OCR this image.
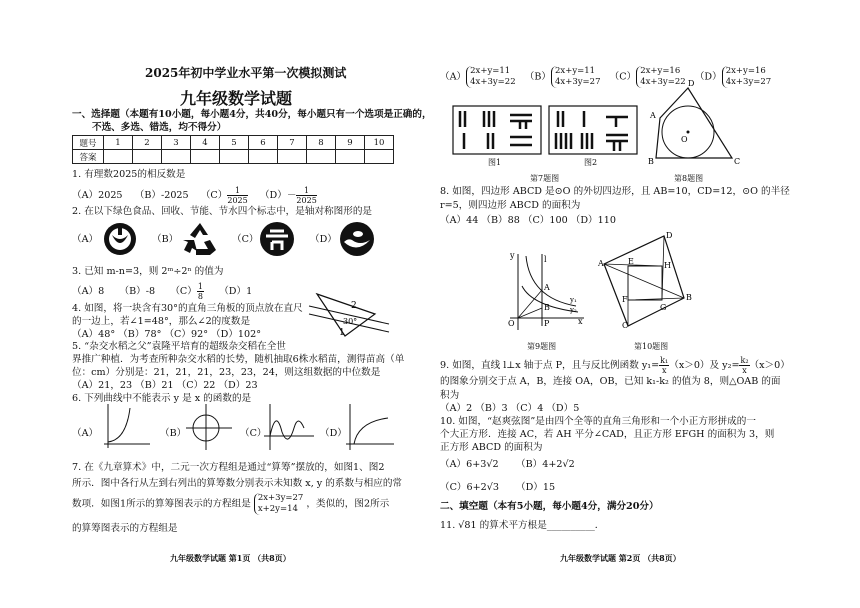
2025年初中学业水平第一次模拟测试
九年级数学试题
一、选择题（本题有10小题，每小题4分，共40分，每小题只有一个选项是正确的，
不选、多选、错选，均不得分）
题号	1	2	3	4	5	6	7	8	9	10
答案										
1. 有理数2025的相反数是
（A）2025 （B）-2025 $(C) \frac{1}{2025} (D)- \frac{1}{2025}$
2. 在以下绿色食品、回收、节能、节水四个标志中，是轴对称图形的是
（A）	（B）	（C）	（D）
3. 已知 m-n=3，则 2ᵐ÷2ⁿ 的值为
（A）8 （B）-8 $(C) \frac{1}{8} (D)1$
4. 如图，将一块含有30°的直角三角板的顶点放在直尺
的一边上，若∠1=48°，那么∠2的度数是
（A）48° （B）78° （C）92° （D）102°
2
30°
1
5. “杂交水稻之父”袁隆平培育的超级杂交稻在全世
界推广种植．为考查所种杂交水稻的长势，随机抽取6株水稻苗，测得苗高（单
位：cm）分别是：21，21，21，23，23，24，则这组数据的中位数是
（A）21，23 （B）21 （C）22 （D）23
6. 下列曲线中不能表示 y 是 x 的函数的是
（A）	（B）	（C）	（D）
7. 在《九章算术》中，二元一次方程组是通过“算筹”摆放的，如图1、图2
所示．图中各行从左到右列出的算筹数分别表示未知数 x, y 的系数与相应的常
数项．如图1所示的算筹图表示的方程组是
2x+3y=27
x+2y=14 ，类似的，图2所示
的算筹图表示的方程组是
九年级数学试题 第1页 （共8页）
（A）
2x+y=11
4x+3y=22 （B）
2x+y=11
4x+3y=27 （C）
2x+y=16
4x+3y=22 （D）
2x+y=16
4x+3y=27
图1	图2
第7题图
A
D
O
B	C
第8题图
8. 如图，四边形 ABCD 是⊙O 的外切四边形，且 AB=10，CD=12，⊙O 的半径
r=5，则四边形 ABCD 的面积为
（A）44 （B）88 （C）100 （D）110
y	l
A
y₁
y₂
O
B
P	x
第9题图
A	E	H
D
B
F
G
C
第10题图
9. 如图，直线 l⊥x 轴于点 P，且与反比例函数 $y_1= \frac{\text{k₁}}{x} (x>0)$及 $y_2= \frac{\text{k₂}}{x} (x>0)$
的图象分别交于点 A，B，连接 OA，OB，已知 k₁-k₂ 的值为 8，则△OAB 的面
积为
（A）2 （B）3 （C）4 （D）5
10. 如图，“赵爽弦图”是由四个全等的直角三角形和一个小正方形拼成的一
个大正方形．连接 AC，若 AH 平分∠CAD，且正方形 EFGH 的面积为 3，则
正方形 ABCD 的面积为
（A）6+3√2 （B）4+2√2
（C）6+2√3 （D）15
二、填空题（本有5小题，每小题4分，满分20分）
11. √81 的算术平方根是__________．
九年级数学试题 第2页 （共8页）
